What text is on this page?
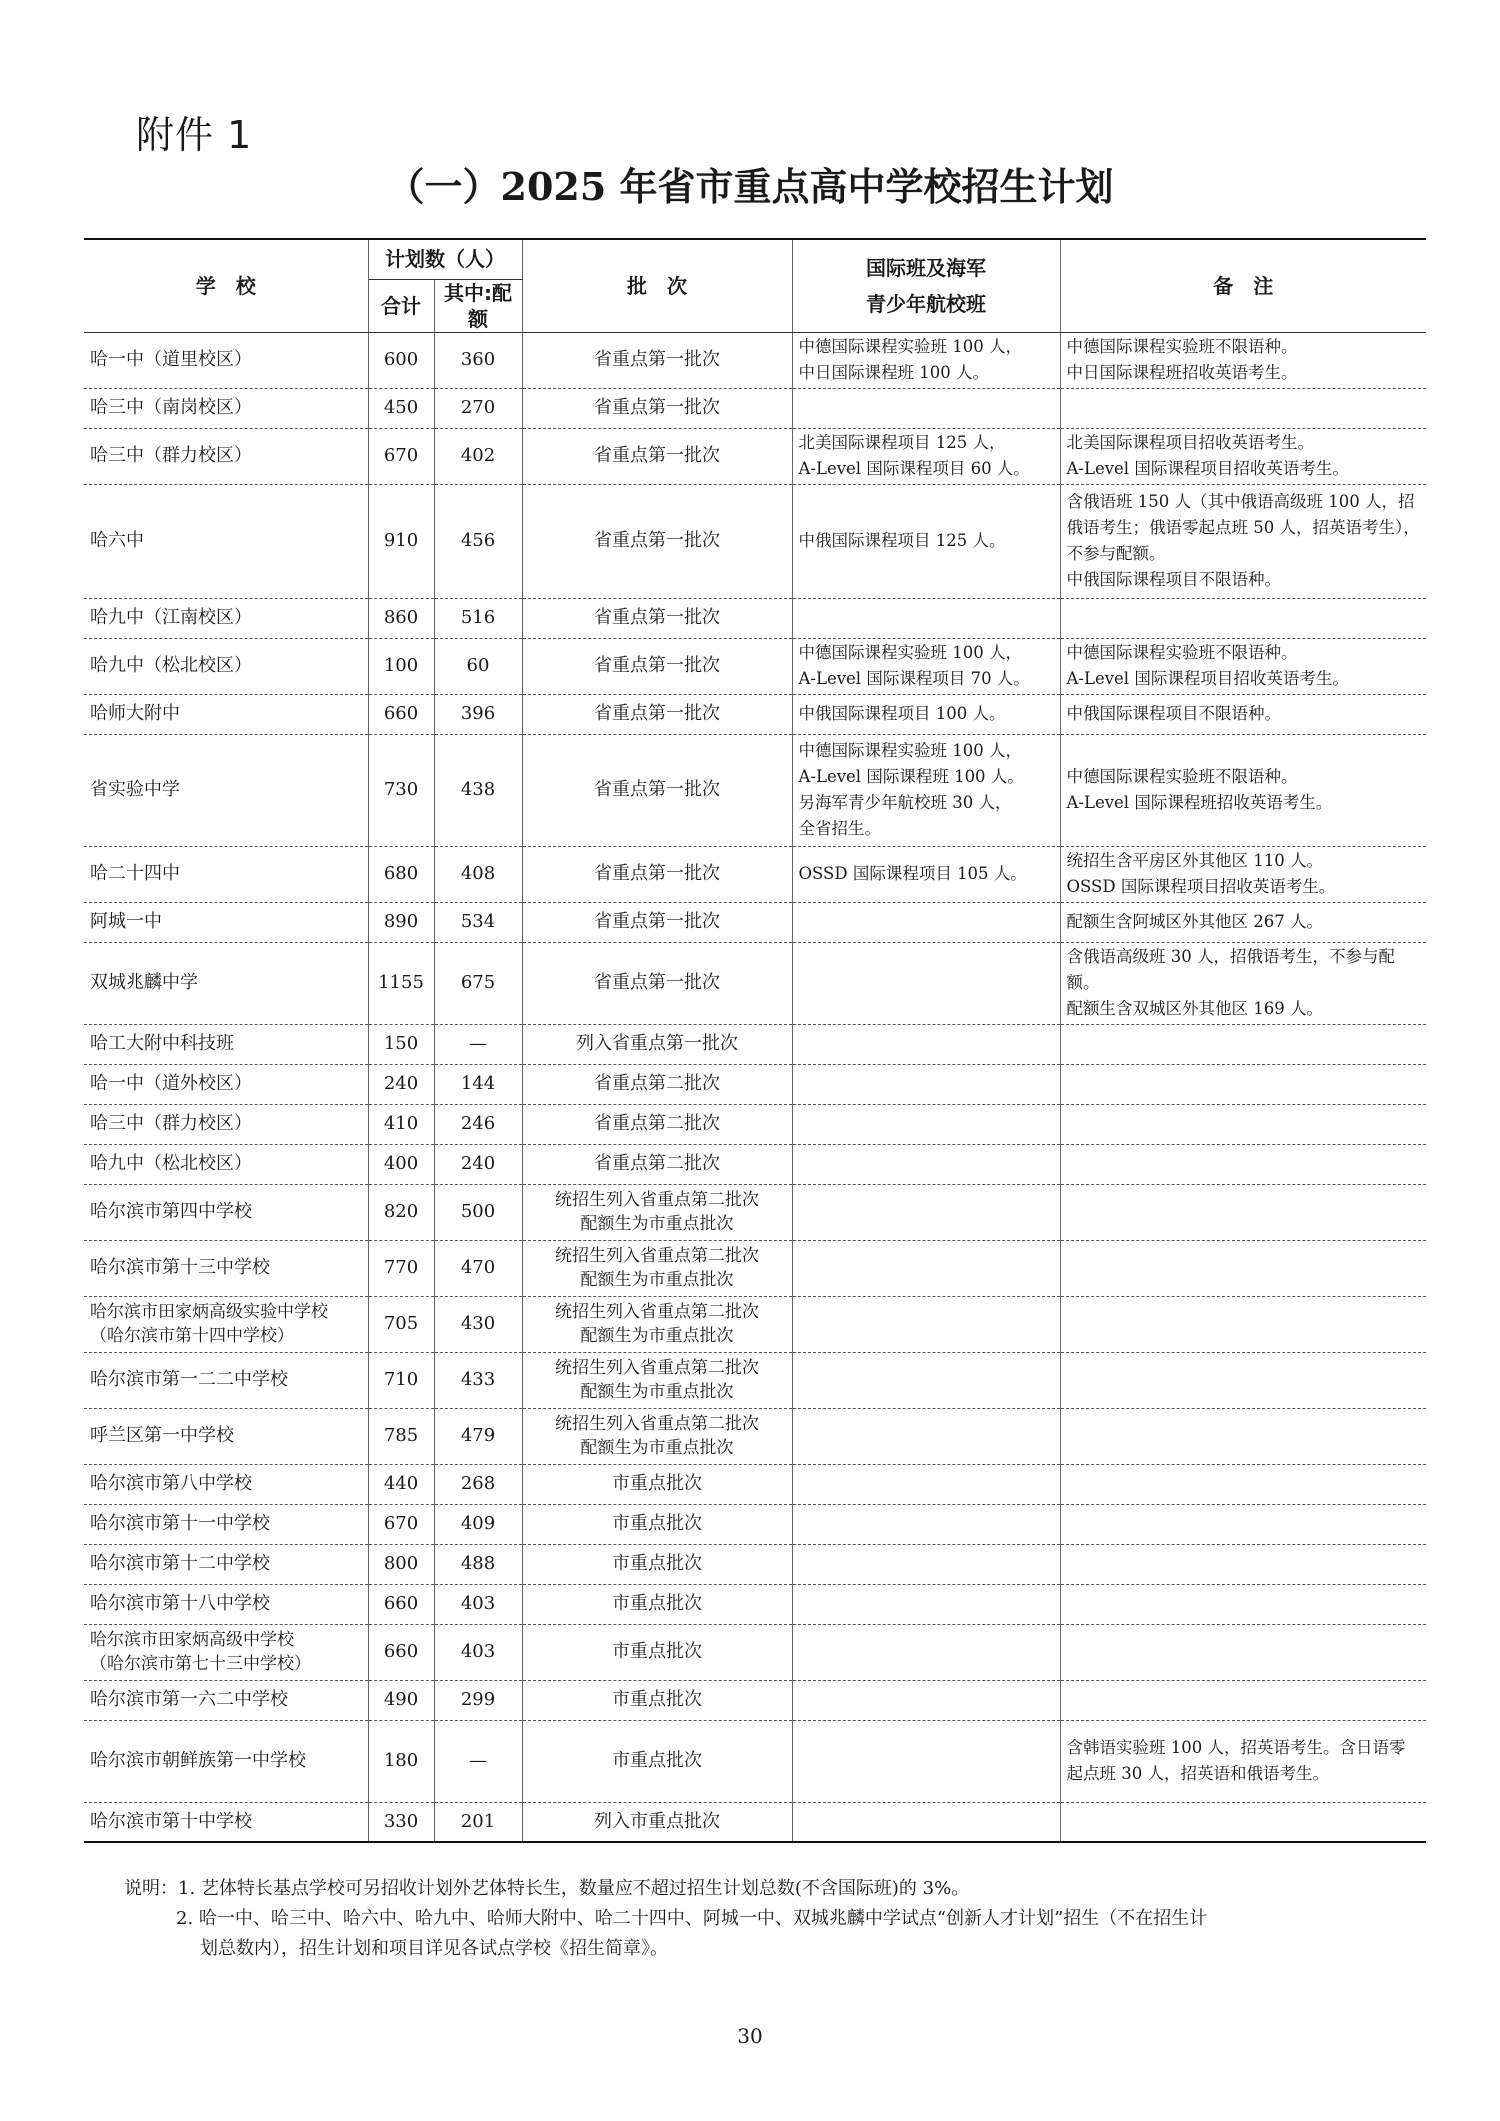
附件 1
（一）2025 年省市重点高中学校招生计划
学　校	计划数（人）		批　次	国际班及海军
青少年航校班	备　注
	合计	其中:配额			
哈一中（道里校区）	600	360	省重点第一批次	中德国际课程实验班 100 人，
中日国际课程班 100 人。	中德国际课程实验班不限语种。
中日国际课程班招收英语考生。
哈三中（南岗校区）	450	270	省重点第一批次		
哈三中（群力校区）	670	402	省重点第一批次	北美国际课程项目 125 人，
A-Level 国际课程项目 60 人。	北美国际课程项目招收英语考生。
A-Level 国际课程项目招收英语考生。
哈六中	910	456	省重点第一批次	中俄国际课程项目 125 人。	含俄语班 150 人（其中俄语高级班 100 人，招俄语考生；俄语零起点班 50 人，招英语考生），不参与配额。
中俄国际课程项目不限语种。
哈九中（江南校区）	860	516	省重点第一批次		
哈九中（松北校区）	100	60	省重点第一批次	中德国际课程实验班 100 人，
A-Level 国际课程项目 70 人。	中德国际课程实验班不限语种。
A-Level 国际课程项目招收英语考生。
哈师大附中	660	396	省重点第一批次	中俄国际课程项目 100 人。	中俄国际课程项目不限语种。
省实验中学	730	438	省重点第一批次	中德国际课程实验班 100 人，
A-Level 国际课程班 100 人。
另海军青少年航校班 30 人，
全省招生。	中德国际课程实验班不限语种。
A-Level 国际课程班招收英语考生。
哈二十四中	680	408	省重点第一批次	OSSD 国际课程项目 105 人。	统招生含平房区外其他区 110 人。
OSSD 国际课程项目招收英语考生。
阿城一中	890	534	省重点第一批次		配额生含阿城区外其他区 267 人。
双城兆麟中学	1155	675	省重点第一批次		含俄语高级班 30 人，招俄语考生，不参与配额。
配额生含双城区外其他区 169 人。
哈工大附中科技班	150	—	列入省重点第一批次		
哈一中（道外校区）	240	144	省重点第二批次		
哈三中（群力校区）	410	246	省重点第二批次		
哈九中（松北校区）	400	240	省重点第二批次		
哈尔滨市第四中学校	820	500	统招生列入省重点第二批次
配额生为市重点批次		
哈尔滨市第十三中学校	770	470	统招生列入省重点第二批次
配额生为市重点批次		
哈尔滨市田家炳高级实验中学校
（哈尔滨市第十四中学校）	705	430	统招生列入省重点第二批次
配额生为市重点批次		
哈尔滨市第一二二中学校	710	433	统招生列入省重点第二批次
配额生为市重点批次		
呼兰区第一中学校	785	479	统招生列入省重点第二批次
配额生为市重点批次		
哈尔滨市第八中学校	440	268	市重点批次		
哈尔滨市第十一中学校	670	409	市重点批次		
哈尔滨市第十二中学校	800	488	市重点批次		
哈尔滨市第十八中学校	660	403	市重点批次		
哈尔滨市田家炳高级中学校
（哈尔滨市第七十三中学校）	660	403	市重点批次		
哈尔滨市第一六二中学校	490	299	市重点批次		
哈尔滨市朝鲜族第一中学校	180	—	市重点批次		含韩语实验班 100 人，招英语考生。含日语零起点班 30 人，招英语和俄语考生。
哈尔滨市第十中学校	330	201	列入市重点批次		
说明：1. 艺体特长基点学校可另招收计划外艺体特长生，数量应不超过招生计划总数(不含国际班)的 3%。
2. 哈一中、哈三中、哈六中、哈九中、哈师大附中、哈二十四中、阿城一中、双城兆麟中学试点“创新人才计划”招生（不在招生计
划总数内），招生计划和项目详见各试点学校《招生简章》。
30
